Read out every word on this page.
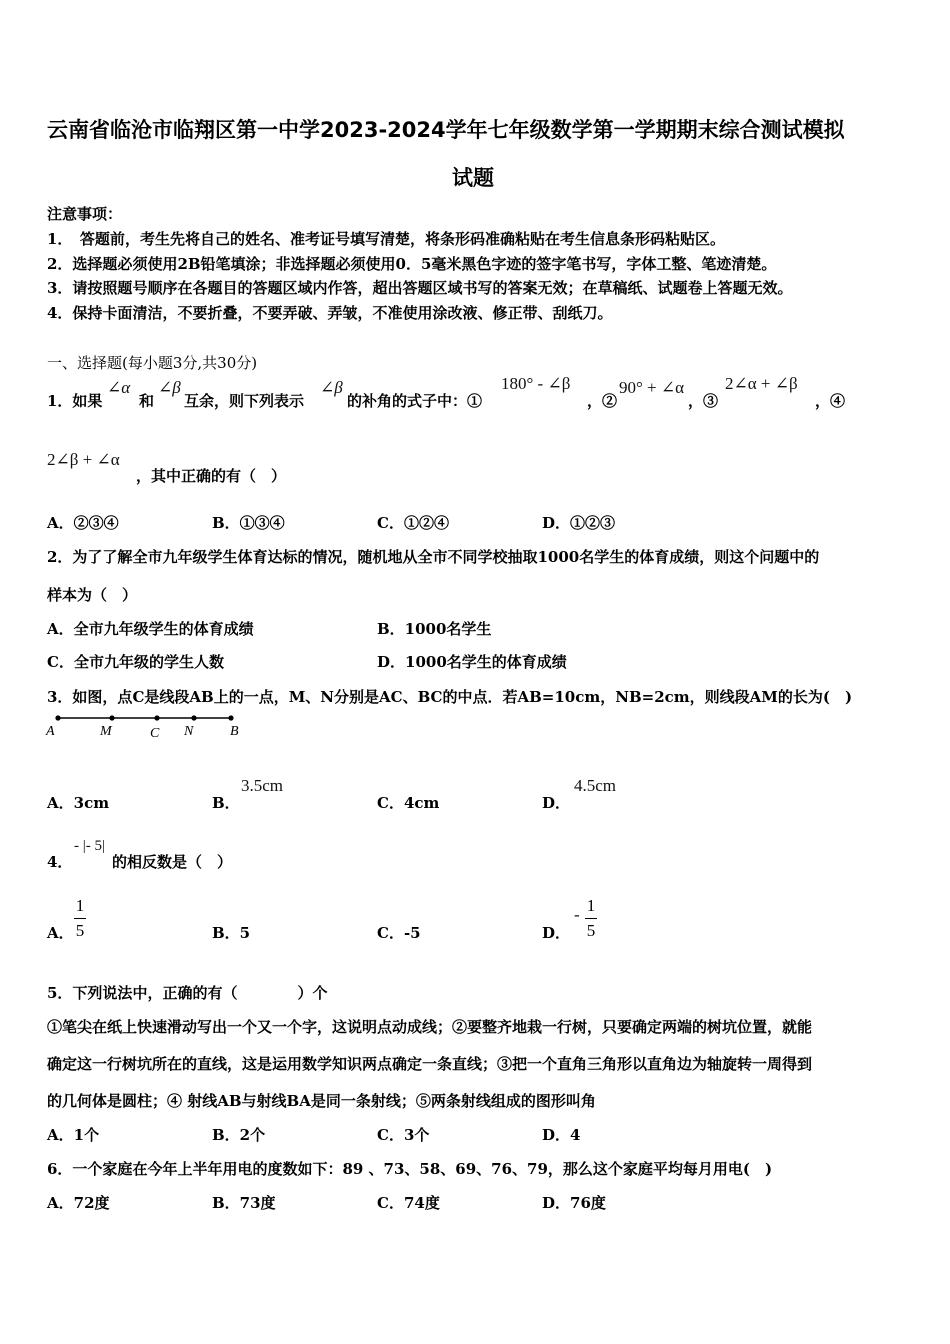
云南省临沧市临翔区第一中学2023-2024学年七年级数学第一学期期末综合测试模拟
试题
注意事项：
1．　答题前，考生先将自己的姓名、准考证号填写清楚，将条形码准确粘贴在考生信息条形码粘贴区。
2．选择题必须使用2B铅笔填涂；非选择题必须使用0．5毫米黑色字迹的签字笔书写，字体工整、笔迹清楚。
3．请按照题号顺序在各题目的答题区域内作答，超出答题区域书写的答案无效；在草稿纸、试题卷上答题无效。
4．保持卡面清洁，不要折叠，不要弄破、弄皱，不准使用涂改液、修正带、刮纸刀。
一、选择题(每小题3分,共30分)
1．如果
∠α
和
∠β
互余，则下列表示
∠β
的补角的式子中：①
180° - ∠β
，②
90° + ∠α
，③
2∠α + ∠β
，④
2∠β + ∠α
，其中正确的有（　）
A．②③④	B．①③④	C．①②④	D．①②③
2．为了了解全市九年级学生体育达标的情况，随机地从全市不同学校抽取1000名学生的体育成绩，则这个问题中的
样本为（　）
A．全市九年级学生的体育成绩	B．1000名学生
C．全市九年级的学生人数	D．1000名学生的体育成绩
3．如图，点C是线段AB上的一点，M、N分别是AC、BC的中点．若AB=10cm，NB=2cm，则线段AM的长为(　)
A	M	C N	B
A．3cm	B．
3.5cm
C．4cm	D．
4.5cm
4．
- |- 5|
的相反数是（　）
A．
1
5	B．5	C．-5	D．
- 1
5
5．下列说法中，正确的有（　　　　）个
①笔尖在纸上快速滑动写出一个又一个字，这说明点动成线；②要整齐地栽一行树，只要确定两端的树坑位置，就能
确定这一行树坑所在的直线，这是运用数学知识两点确定一条直线；③把一个直角三角形以直角边为轴旋转一周得到
的几何体是圆柱；④ 射线AB与射线BA是同一条射线；⑤两条射线组成的图形叫角
A．1个	B．2个	C．3个	D．4
6．一个家庭在今年上半年用电的度数如下：89 、73、58、69、76、79，那么这个家庭平均每月用电(　)
A．72度	B．73度	C．74度	D．76度
